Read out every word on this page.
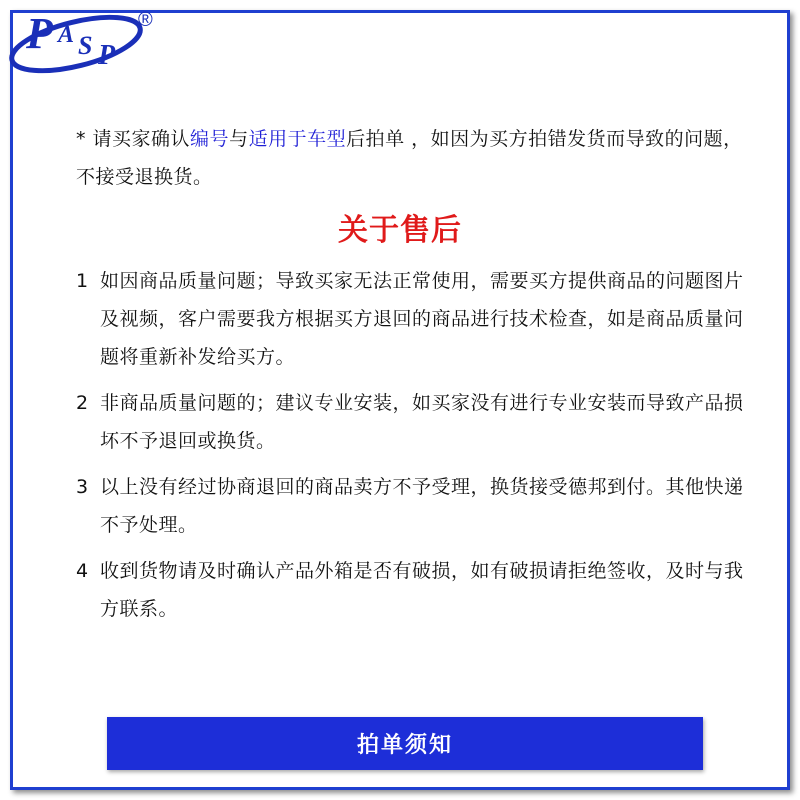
P A S P
®
* 请买家确认编号与适用于车型后拍单 ，如因为买方拍错发货而导致的问题，不接受退换货。
关于售后
1 如因商品质量问题；导致买家无法正常使用，需要买方提供商品的问题图片及视频，客户需要我方根据买方退回的商品进行技术检查，如是商品质量问题将重新补发给买方。
2 非商品质量问题的；建议专业安装，如买家没有进行专业安装而导致产品损坏不予退回或换货。
3 以上没有经过协商退回的商品卖方不予受理，换货接受德邦到付。其他快递不予处理。
4 收到货物请及时确认产品外箱是否有破损，如有破损请拒绝签收，及时与我方联系。
拍单须知
